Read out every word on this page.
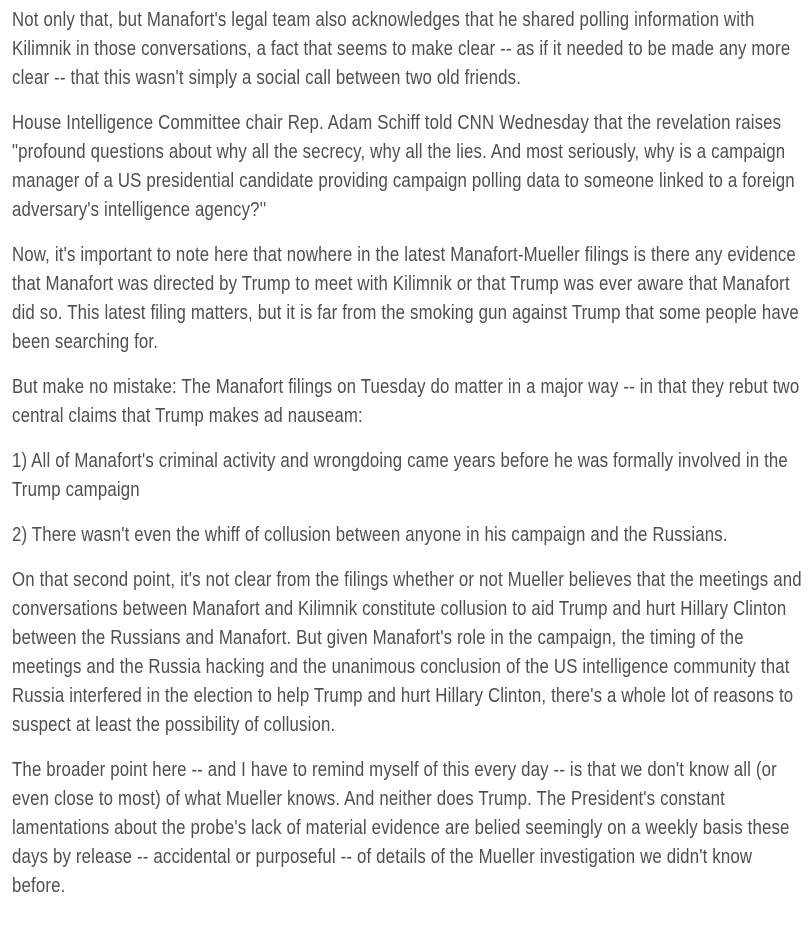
Not only that, but Manafort's legal team also acknowledges that he shared polling information with Kilimnik in those conversations, a fact that seems to make clear -- as if it needed to be made any more clear -- that this wasn't simply a social call between two old friends.

House Intelligence Committee chair Rep. Adam Schiff told CNN Wednesday that the revelation raises "profound questions about why all the secrecy, why all the lies. And most seriously, why is a campaign manager of a US presidential candidate providing campaign polling data to someone linked to a foreign adversary's intelligence agency?''

Now, it's important to note here that nowhere in the latest Manafort-Mueller filings is there any evidence that Manafort was directed by Trump to meet with Kilimnik or that Trump was ever aware that Manafort did so. This latest filing matters, but it is far from the smoking gun against Trump that some people have been searching for.

But make no mistake: The Manafort filings on Tuesday do matter in a major way -- in that they rebut two central claims that Trump makes ad nauseam:

1) All of Manafort's criminal activity and wrongdoing came years before he was formally involved in the Trump campaign

2) There wasn't even the whiff of collusion between anyone in his campaign and the Russians.

On that second point, it's not clear from the filings whether or not Mueller believes that the meetings and conversations between Manafort and Kilimnik constitute collusion to aid Trump and hurt Hillary Clinton between the Russians and Manafort. But given Manafort's role in the campaign, the timing of the meetings and the Russia hacking and the unanimous conclusion of the US intelligence community that Russia interfered in the election to help Trump and hurt Hillary Clinton, there's a whole lot of reasons to suspect at least the possibility of collusion.

The broader point here -- and I have to remind myself of this every day -- is that we don't know all (or even close to most) of what Mueller knows. And neither does Trump. The President's constant lamentations about the probe's lack of material evidence are belied seemingly on a weekly basis these days by release -- accidental or purposeful -- of details of the Mueller investigation we didn't know before.
